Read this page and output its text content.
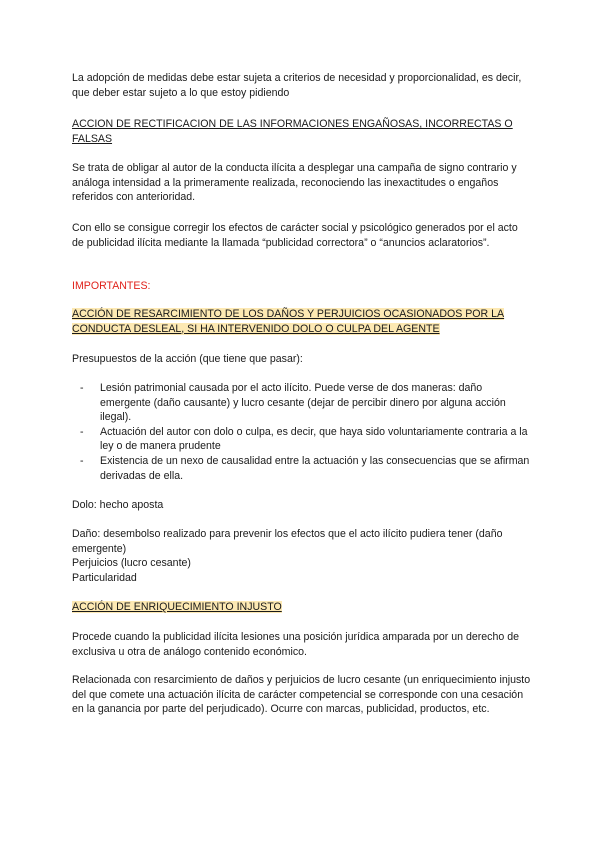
La adopción de medidas debe estar sujeta a criterios de necesidad y proporcionalidad, es decir, que deber estar sujeto a lo que estoy pidiendo

ACCION DE RECTIFICACION DE LAS INFORMACIONES ENGAÑOSAS, INCORRECTAS O FALSAS

Se trata de obligar al autor de la conducta ilícita a desplegar una campaña de signo contrario y análoga intensidad a la primeramente realizada, reconociendo las inexactitudes o engaños referidos con anterioridad.

Con ello se consigue corregir los efectos de carácter social y psicológico generados por el acto de publicidad ilícita mediante la llamada “publicidad correctora” o “anuncios aclaratorios”.

IMPORTANTES:

ACCIÓN DE RESARCIMIENTO DE LOS DAÑOS Y PERJUICIOS OCASIONADOS POR LA CONDUCTA DESLEAL, SI HA INTERVENIDO DOLO O CULPA DEL AGENTE

Presupuestos de la acción (que tiene que pasar):

- Lesión patrimonial causada por el acto ilícito. Puede verse de dos maneras: daño emergente (daño causante) y lucro cesante (dejar de percibir dinero por alguna acción ilegal).
- Actuación del autor con dolo o culpa, es decir, que haya sido voluntariamente contraria a la ley o de manera prudente
- Existencia de un nexo de causalidad entre la actuación y las consecuencias que se afirman derivadas de ella.

Dolo: hecho aposta

Daño: desembolso realizado para prevenir los efectos que el acto ilícito pudiera tener (daño emergente)
Perjuicios (lucro cesante)
Particularidad

ACCIÓN DE ENRIQUECIMIENTO INJUSTO

Procede cuando la publicidad ilícita lesiones una posición jurídica amparada por un derecho de exclusiva u otra de análogo contenido económico.

Relacionada con resarcimiento de daños y perjuicios de lucro cesante (un enriquecimiento injusto del que comete una actuación ilícita de carácter competencial se corresponde con una cesación en la ganancia por parte del perjudicado). Ocurre con marcas, publicidad, productos, etc.
